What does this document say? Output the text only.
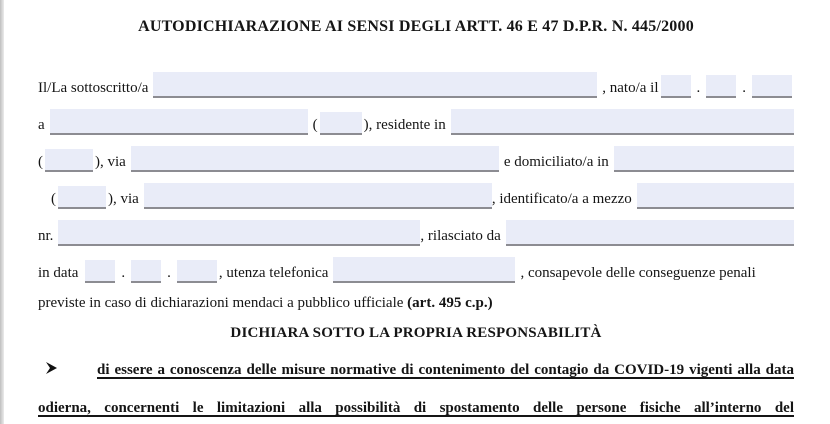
AUTODICHIARAZIONE AI SENSI DEGLI ARTT. 46 E 47 D.P.R. N. 445/2000
Il/La sottoscritto/a	, nato/a il	.	.
a	(	), residente in
(	), via	e domiciliato/a in
(	), via	, identificato/a a mezzo
nr.	, rilasciato da
in data	.	.	, utenza telefonica	, consapevole delle conseguenze penali

previste in caso di dichiarazioni mendaci a pubblico ufficiale (art. 495 c.p.)

DICHIARA SOTTO LA PROPRIA RESPONSABILITÀ

di essere a conoscenza delle misure normative di contenimento del contagio da COVID-19 vigenti alla data odierna, concernenti le limitazioni alla possibilità di spostamento delle persone fisiche all’interno del
